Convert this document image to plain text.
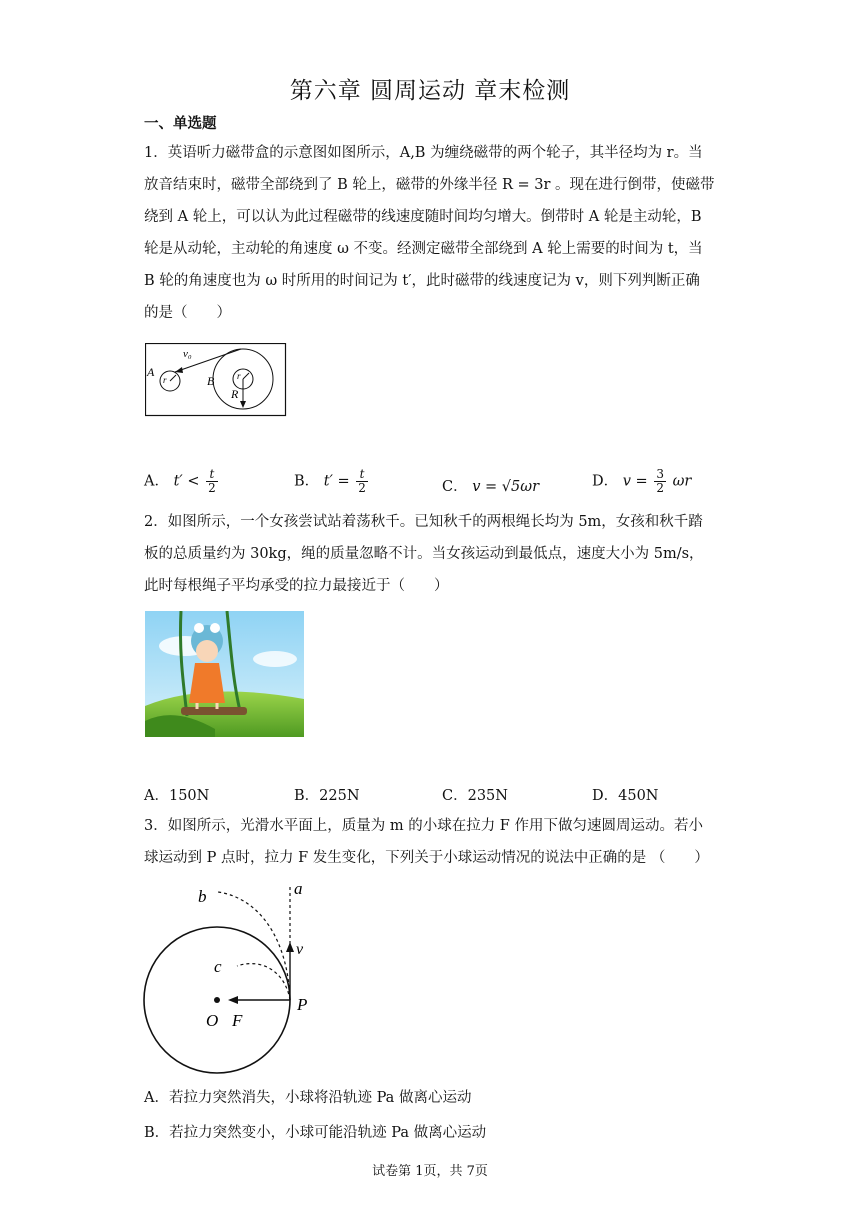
第六章 圆周运动 章末检测
一、单选题
1．英语听力磁带盒的示意图如图所示，A,B 为缠绕磁带的两个轮子，其半径均为 r。当
放音结束时，磁带全部绕到了 B 轮上，磁带的外缘半径 R = 3r 。现在进行倒带，使磁带
绕到 A 轮上，可以认为此过程磁带的线速度随时间均匀增大。倒带时 A 轮是主动轮，B
轮是从动轮，主动轮的角速度 ω 不变。经测定磁带全部绕到 A 轮上需要的时间为 t，当
B 轮的角速度也为 ω 时所用的时间记为 t′，此时磁带的线速度记为 v，则下列判断正确
的是（　　）
v₀
A
r	B	r
R
A． $t' < \frac{t}{2}$	B． $t' = \frac{t}{2}$	C． v = √5ωr	D． $v = \frac{3}{2}$ ωr
2．如图所示，一个女孩尝试站着荡秋千。已知秋千的两根绳长均为 5m，女孩和秋千踏
板的总质量约为 30kg，绳的质量忽略不计。当女孩运动到最低点，速度大小为 5m/s，
此时每根绳子平均承受的拉力最接近于（　　）
A．150N	B．225N	C．235N	D．450N
3．如图所示，光滑水平面上，质量为 m 的小球在拉力 F 作用下做匀速圆周运动。若小
球运动到 P 点时，拉力 F 发生变化，下列关于小球运动情况的说法中正确的是 （　　）
a
b
c
v
O F
P
A．若拉力突然消失，小球将沿轨迹 Pa 做离心运动
B．若拉力突然变小，小球可能沿轨迹 Pa 做离心运动
试卷第 1页，共 7页
